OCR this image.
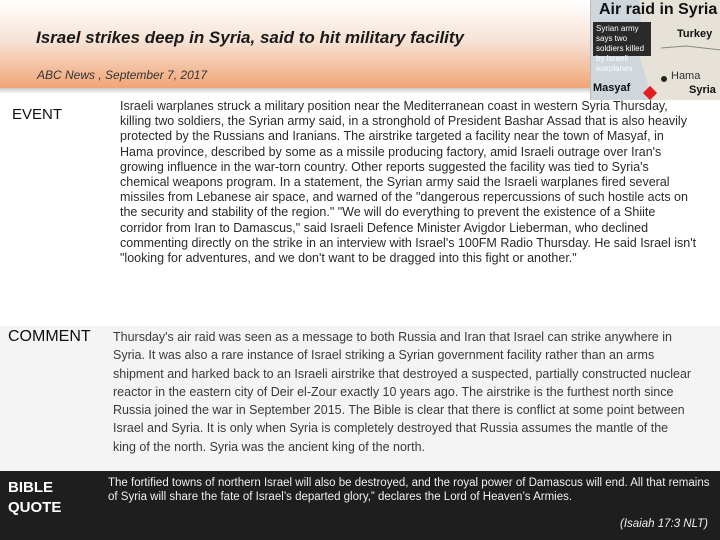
Israel strikes deep in Syria, said to hit military facility

ABC News , September 7, 2017

Air raid in Syria
Syrian army says two soldiers killed by Israeli warplanes
Turkey
Hama
Masyaf	Syria

EVENT	Israeli warplanes struck a military position near the Mediterranean coast in western Syria Thursday, killing two soldiers, the Syrian army said, in a stronghold of President Bashar Assad that is also heavily protected by the Russians and Iranians. The airstrike targeted a facility near the town of Masyaf, in Hama province, described by some as a missile producing factory, amid Israeli outrage over Iran's growing influence in the war-torn country. Other reports suggested the facility was tied to Syria's chemical weapons program. In a statement, the Syrian army said the Israeli warplanes fired several missiles from Lebanese air space, and warned of the "dangerous repercussions of such hostile acts on the security and stability of the region." "We will do everything to prevent the existence of a Shiite corridor from Iran to Damascus," said Israeli Defence Minister Avigdor Lieberman, who declined commenting directly on the strike in an interview with Israel's 100FM Radio Thursday. He said Israel isn't "looking for adventures, and we don't want to be dragged into this fight or another."

COMMENT Thursday's air raid was seen as a message to both Russia and Iran that Israel can strike anywhere in Syria. It was also a rare instance of Israel striking a Syrian government facility rather than an arms shipment and harked back to an Israeli airstrike that destroyed a suspected, partially constructed nuclear reactor in the eastern city of Deir el-Zour exactly 10 years ago. The airstrike is the furthest north since Russia joined the war in September 2015. The Bible is clear that there is conflict at some point between Israel and Syria. It is only when Syria is completely destroyed that Russia assumes the mantle of the king of the north. Syria was the ancient king of the north.

BIBLE QUOTE

The fortified towns of northern Israel will also be destroyed, and the royal power of Damascus will end. All that remains of Syria will share the fate of Israel’s departed glory,” declares the Lord of Heaven’s Armies.

(Isaiah 17:3 NLT)
